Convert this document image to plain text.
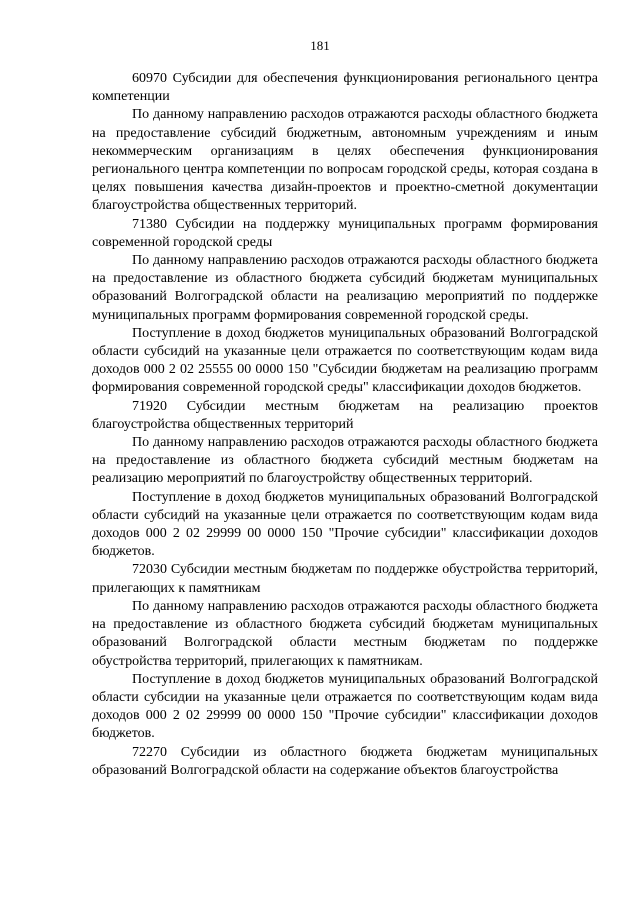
181

60970 Субсидии для обеспечения функционирования регионального центра компетенции

По данному направлению расходов отражаются расходы областного бюджета на предоставление субсидий бюджетным, автономным учреждениям и иным некоммерческим организациям в целях обеспечения функционирования регионального центра компетенции по вопросам городской среды, которая создана в целях повышения качества дизайн-проектов и проектно-сметной документации благоустройства общественных территорий.

71380 Субсидии на поддержку муниципальных программ формирования современной городской среды

По данному направлению расходов отражаются расходы областного бюджета на предоставление из областного бюджета субсидий бюджетам муниципальных образований Волгоградской области на реализацию мероприятий по поддержке муниципальных программ формирования современной городской среды.

Поступление в доход бюджетов муниципальных образований Волгоградской области субсидий на указанные цели отражается по соответствующим кодам вида доходов 000 2 02 25555 00 0000 150 "Субсидии бюджетам на реализацию программ формирования современной городской среды" классификации доходов бюджетов.

71920 Субсидии местным бюджетам на реализацию проектов благоустройства общественных территорий

По данному направлению расходов отражаются расходы областного бюджета на предоставление из областного бюджета субсидий местным бюджетам на реализацию мероприятий по благоустройству общественных территорий.

Поступление в доход бюджетов муниципальных образований Волгоградской области субсидий на указанные цели отражается по соответствующим кодам вида доходов 000 2 02 29999 00 0000 150 "Прочие субсидии" классификации доходов бюджетов.

72030 Субсидии местным бюджетам по поддержке обустройства территорий, прилегающих к памятникам

По данному направлению расходов отражаются расходы областного бюджета на предоставление из областного бюджета субсидий бюджетам муниципальных образований Волгоградской области местным бюджетам по поддержке обустройства территорий, прилегающих к памятникам.

Поступление в доход бюджетов муниципальных образований Волгоградской области субсидии на указанные цели отражается по соответствующим кодам вида доходов 000 2 02 29999 00 0000 150 "Прочие субсидии" классификации доходов бюджетов.

72270 Субсидии из областного бюджета бюджетам муниципальных образований Волгоградской области на содержание объектов благоустройства
